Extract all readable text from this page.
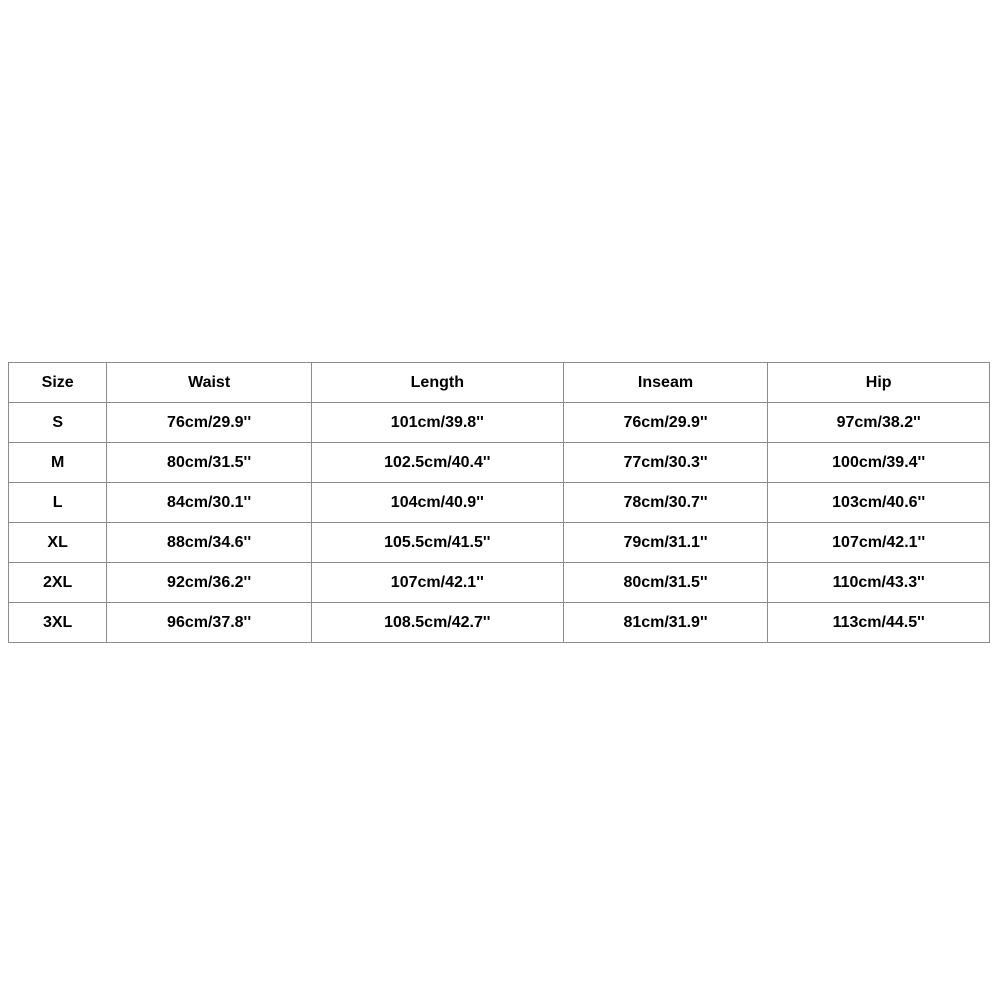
Size	Waist	Length	Inseam	Hip
S	76cm/29.9''	101cm/39.8''	76cm/29.9''	97cm/38.2''
M	80cm/31.5''	102.5cm/40.4''	77cm/30.3''	100cm/39.4''
L	84cm/30.1''	104cm/40.9''	78cm/30.7''	103cm/40.6''
XL	88cm/34.6''	105.5cm/41.5''	79cm/31.1''	107cm/42.1''
2XL	92cm/36.2''	107cm/42.1''	80cm/31.5''	110cm/43.3''
3XL	96cm/37.8''	108.5cm/42.7''	81cm/31.9''	113cm/44.5''
